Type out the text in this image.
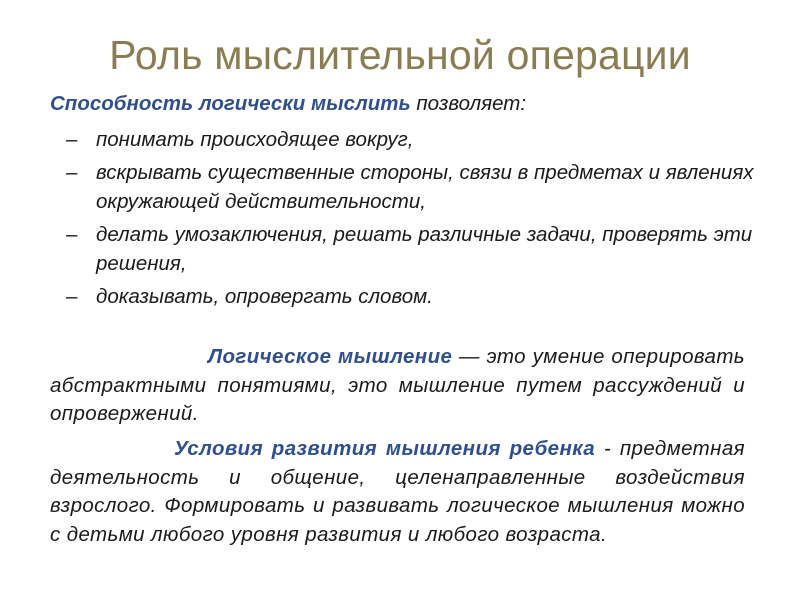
Роль мыслительной операции
Способность логически мыслить позволяет:
– понимать происходящее вокруг,
– вскрывать существенные стороны, связи в предметах и явлениях окружающей действительности,
– делать умозаключения, решать различные задачи, проверять эти решения,
– доказывать, опровергать словом.
Логическое мышление — это умение оперировать абстрактными понятиями, это мышление путем рассуждений и опровержений.
Условия развития мышления ребенка - предметная деятельность и общение, целенаправленные воздействия взрослого. Формировать и развивать логическое мышления можно с детьми любого уровня развития и любого возраста.
